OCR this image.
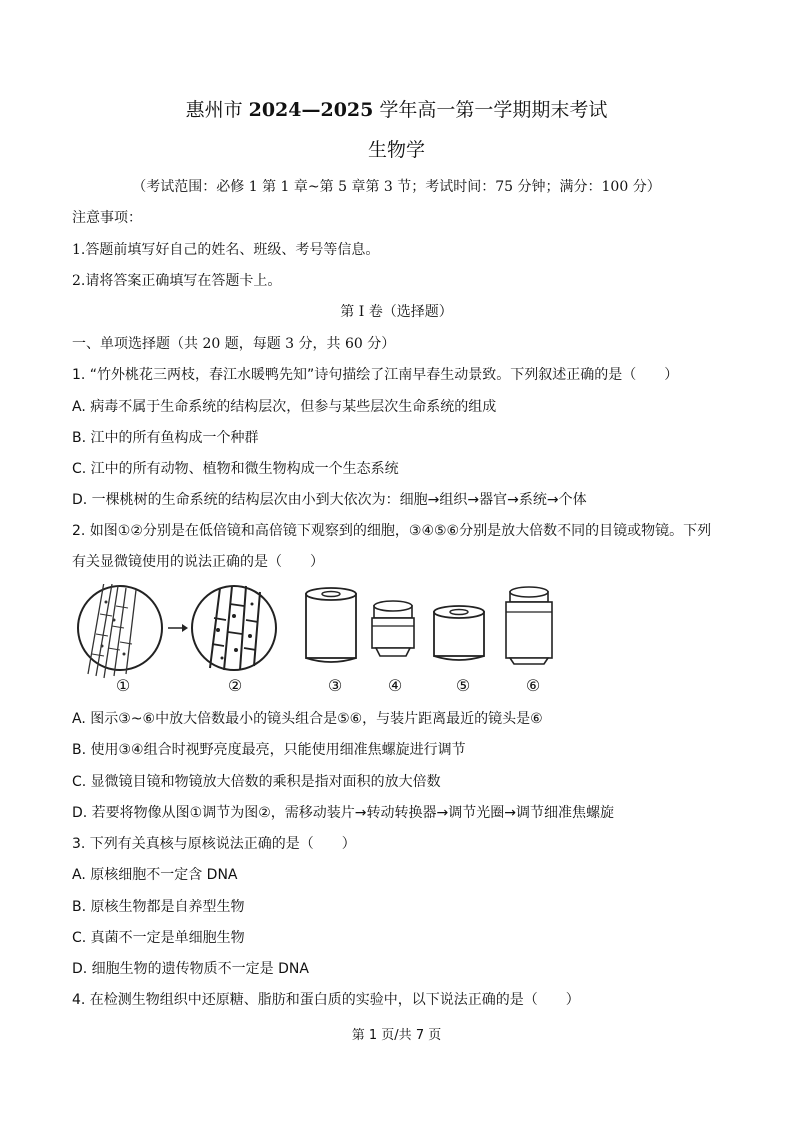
惠州市 2024—2025 学年高一第一学期期末考试
生物学
（考试范围：必修 1 第 1 章~第 5 章第 3 节；考试时间：75 分钟；满分：100 分）
注意事项：
1.答题前填写好自己的姓名、班级、考号等信息。
2.请将答案正确填写在答题卡上。
第 I 卷（选择题）
一、单项选择题（共 20 题，每题 3 分，共 60 分）
1. “竹外桃花三两枝，春江水暖鸭先知”诗句描绘了江南早春生动景致。下列叙述正确的是（　　）
A. 病毒不属于生命系统的结构层次，但参与某些层次生命系统的组成
B. 江中的所有鱼构成一个种群
C. 江中的所有动物、植物和微生物构成一个生态系统
D. 一棵桃树的生命系统的结构层次由小到大依次为：细胞→组织→器官→系统→个体
2. 如图①②分别是在低倍镜和高倍镜下观察到的细胞，③④⑤⑥分别是放大倍数不同的目镜或物镜。下列
有关显微镜使用的说法正确的是（　　）
①	②	③	④	⑤	⑥
A. 图示③~⑥中放大倍数最小的镜头组合是⑤⑥，与装片距离最近的镜头是⑥
B. 使用③④组合时视野亮度最亮，只能使用细准焦螺旋进行调节
C. 显微镜目镜和物镜放大倍数的乘积是指对面积的放大倍数
D. 若要将物像从图①调节为图②，需移动装片→转动转换器→调节光圈→调节细准焦螺旋
3. 下列有关真核与原核说法正确的是（　　）
A. 原核细胞不一定含 DNA
B. 原核生物都是自养型生物
C. 真菌不一定是单细胞生物
D. 细胞生物的遗传物质不一定是 DNA
4. 在检测生物组织中还原糖、脂肪和蛋白质的实验中，以下说法正确的是（　　）
第 1 页/共 7 页
